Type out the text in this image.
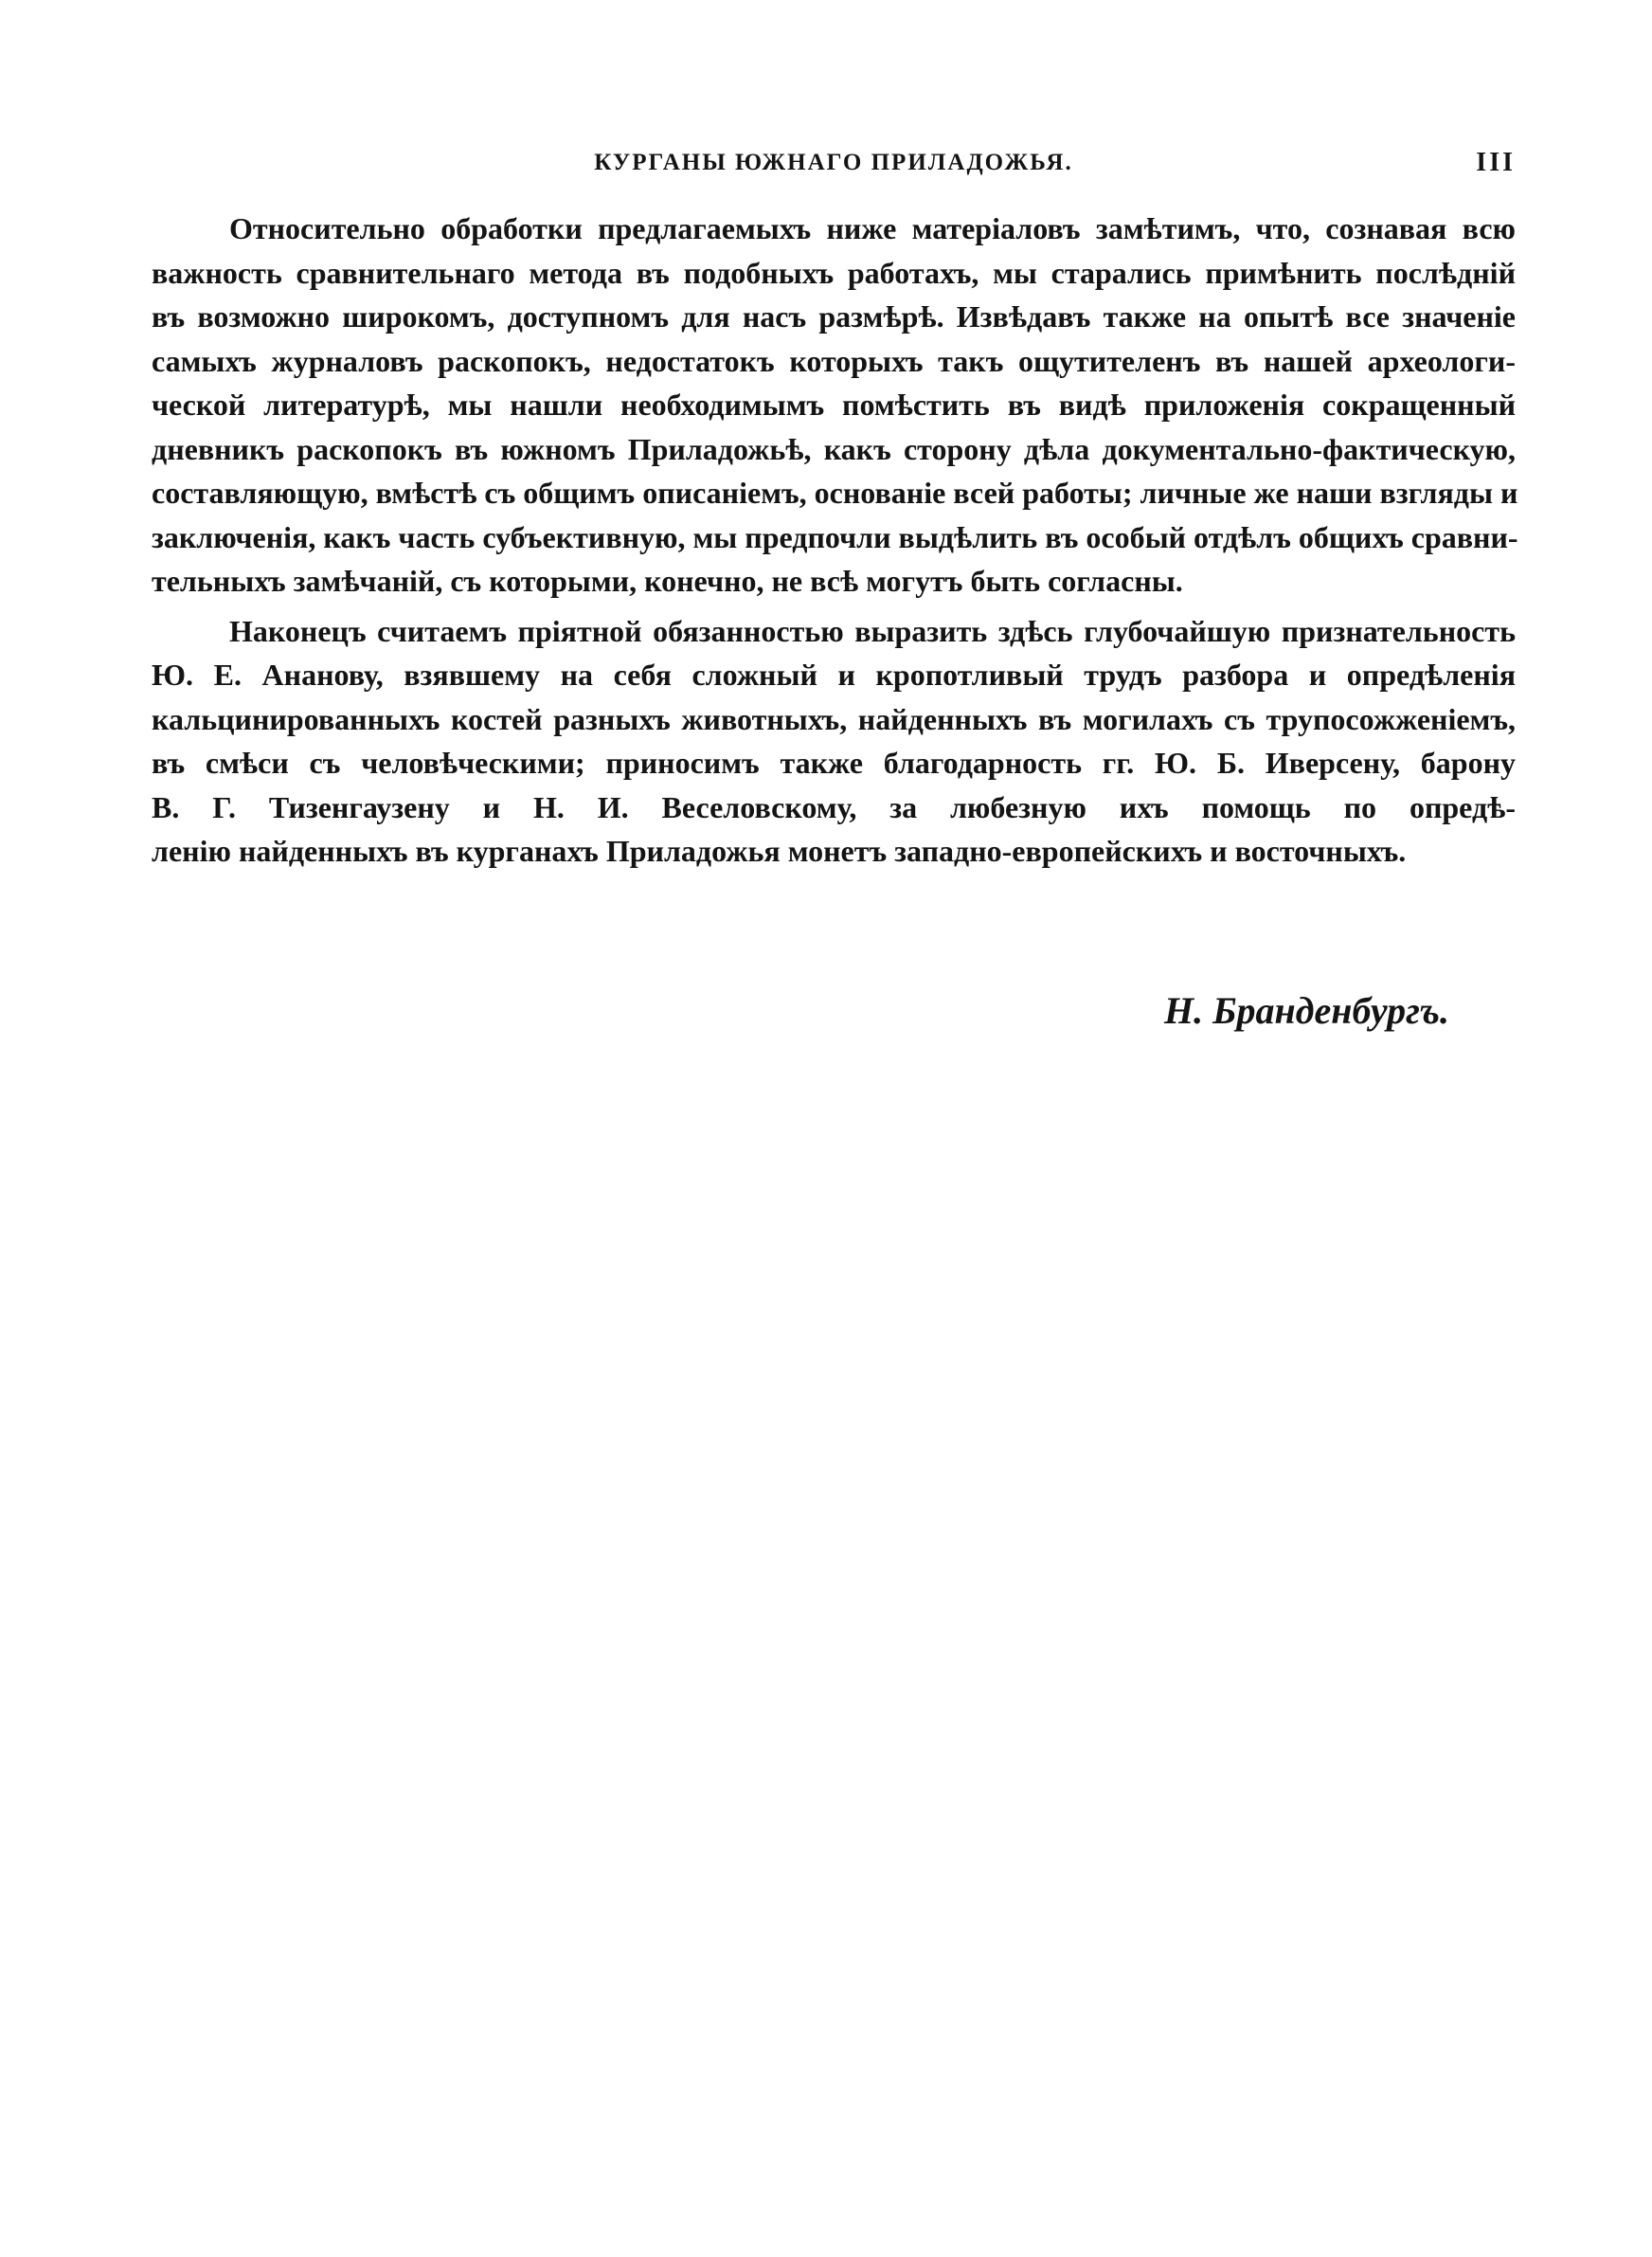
КУРГАНЫ ЮЖНАГО ПРИЛАДОЖЬЯ.	III
Относительно обработки предлагаемыхъ ниже матеріаловъ замѣтимъ, что, сознавая всю
важность сравнительнаго метода въ подобныхъ работахъ, мы старались примѣнить послѣдній
въ возможно широкомъ, доступномъ для насъ размѣрѣ. Извѣдавъ также на опытѣ все значеніе
самыхъ журналовъ раскопокъ, недостатокъ которыхъ такъ ощутителенъ въ нашей археологи-
ческой литературѣ, мы нашли необходимымъ помѣстить въ видѣ приложенія сокращенный
дневникъ раскопокъ въ южномъ Приладожьѣ, какъ сторону дѣла документально-фактическую,
составляющую, вмѣстѣ съ общимъ описаніемъ, основаніе всей работы; личные же наши взгляды и
заключенія, какъ часть субъективную, мы предпочли выдѣлить въ особый отдѣлъ общихъ сравни-
тельныхъ замѣчаній, съ которыми, конечно, не всѣ могутъ быть согласны.
Наконецъ считаемъ пріятной обязанностью выразить здѣсь глубочайшую признательность
Ю. Е. Ананову, взявшему на себя сложный и кропотливый трудъ разбора и опредѣленія
кальцинированныхъ костей разныхъ животныхъ, найденныхъ въ могилахъ съ трупосожженіемъ,
въ смѣси съ человѣческими; приносимъ также благодарность гг. Ю. Б. Иверсену, барону
В. Г. Тизенгаузену и Н. И. Веселовскому, за любезную ихъ помощь по опредѣ-
ленію найденныхъ въ курганахъ Приладожья монетъ западно-европейскихъ и восточныхъ.
Н. Бранденбургъ.
